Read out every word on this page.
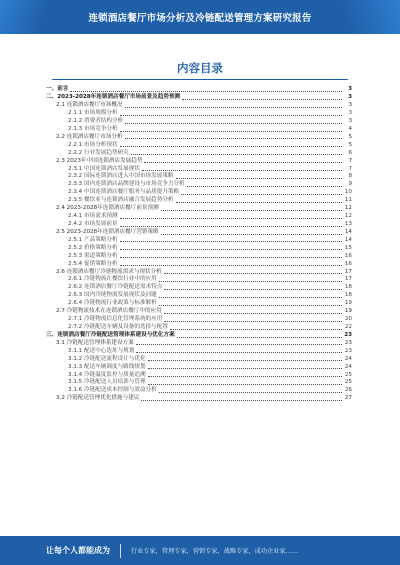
连锁酒店餐厅市场分析及冷链配送管理方案研究报告
内容目录
一、前言	3
二、2023-2028年连锁酒店餐厅市场前景及趋势预测	3
2.1 连锁酒店餐厅市场概况	3
2.1.1 市场规模分析	3
2.1.2 消费者结构分析	3
2.1.3 市场竞争分析	4
2.2 连锁酒店餐厅市场分析	5
2.2.1 市场分析现状	5
2.2.2 行业发展趋势研究	6
2.3 2023年中国连锁酒店发展趋势	7
2.3.1 中国连锁酒店发展现状	7
2.3.2 国际连锁酒店进入中国市场发展策略	8
2.3.3 国内连锁酒店品牌建设与市场竞争力分析	9
2.3.4 中国连锁酒店餐厅服务与品质提升策略	10
2.3.5 餐饮业与连锁酒店融合发展趋势分析	11
2.4 2023-2028年连锁酒店餐厅前景预测	12
2.4.1 市场需求预测	12
2.4.2 市场发展前景	13
2.5 2023-2028年连锁酒店餐厅营销策略	14
2.5.1 产品策略分析	14
2.5.2 价格策略分析	15
2.5.3 渠道策略分析	16
2.5.4 促销策略分析	16
2.6 连锁酒店餐厅冷链物流需求与现状分析	17
2.6.1 冷链物流在餐饮行业中的应用	17
2.6.2 连锁酒店餐厅冷链配送需求特点	18
2.6.3 国内冷链物流发展现状及问题	18
2.6.4 冷链物流行业政策与标准解析	19
2.7 冷链物流技术在连锁酒店餐厅中的应用	19
2.7.1 冷链物流信息化管理系统的应用	20
2.7.2 冷链配送车辆及设备的选择与配置	22
三、连锁酒店餐厅冷链配送管理体系建设与优化方案	23
3.1 冷链配送管理体系建设方案	23
3.1.1 配送中心选址与规划	23
3.1.2 冷链配送流程设计与优化	24
3.1.3 配送车辆调度与路线规划	24
3.1.4 冷链温度监控与质量追溯	25
3.1.5 冷链配送人员培训与管理	25
3.1.6 冷链配送成本控制与效益分析	26
3.2 冷链配送管理优化措施与建议	27
让每个人都能成为	行业专家，管理专家，营销专家，战略专家，成功企业家……
